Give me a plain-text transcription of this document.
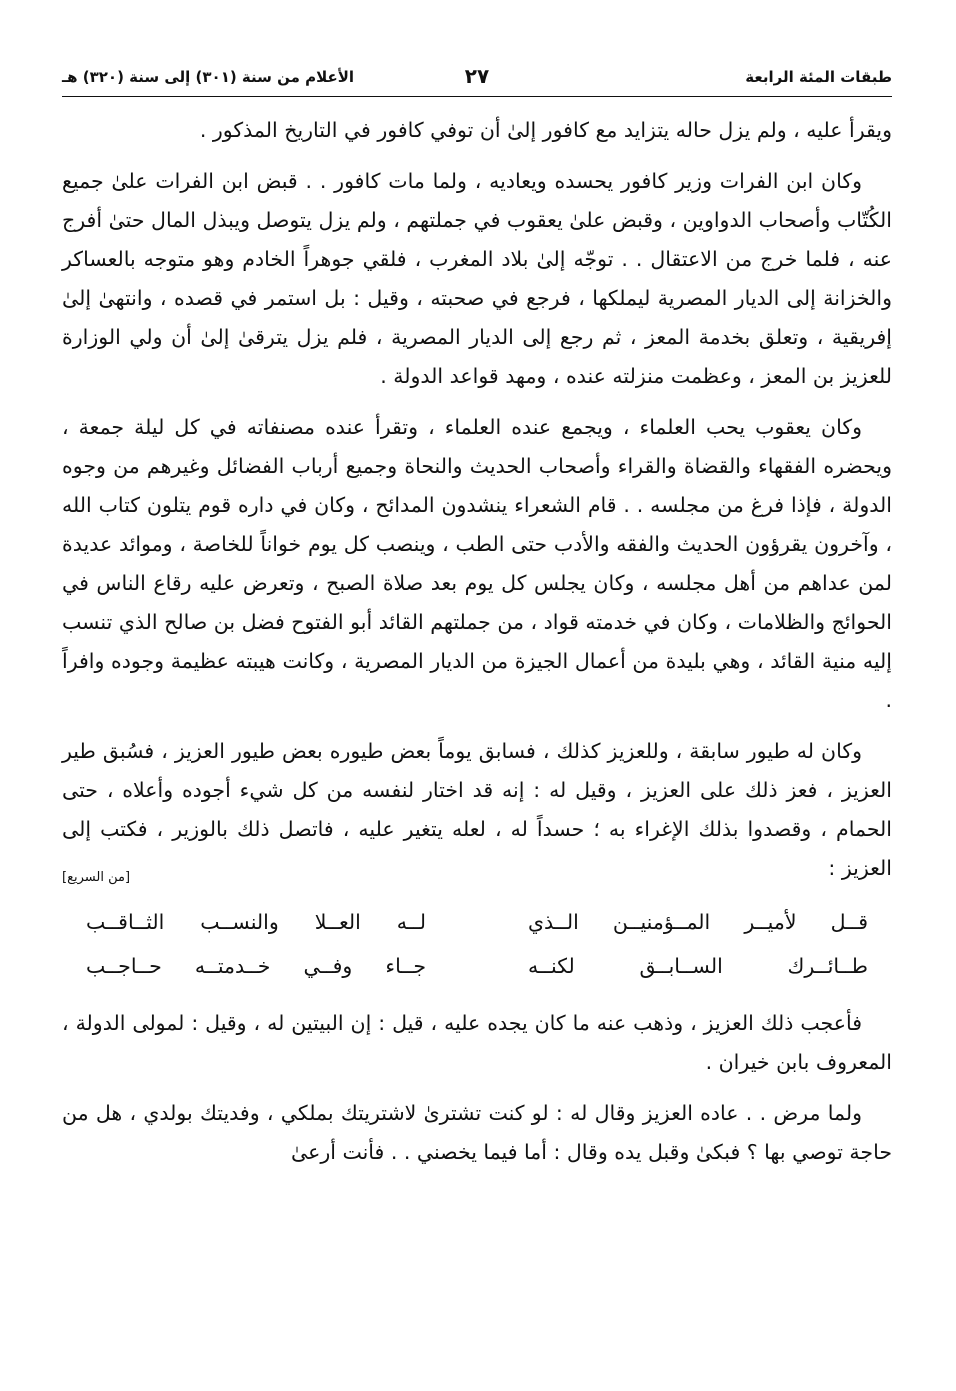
طبقات المئة الرابعة
٢٧
الأعلام من سنة (٣٠١) إلى سنة (٣٢٠) هـ

ويقرأ عليه ، ولم يزل حاله يتزايد مع كافور إلىٰ أن توفي كافور في التاريخ المذكور .

وكان ابن الفرات وزير كافور يحسده ويعاديه ، ولما مات كافور . . قبض ابن الفرات علىٰ جميع الكُتّاب وأصحاب الدواوين ، وقبض علىٰ يعقوب في جملتهم ، ولم يزل يتوصل ويبذل المال حتىٰ أفرج عنه ، فلما خرج من الاعتقال . . توجّه إلىٰ بلاد المغرب ، فلقي جوهراً الخادم وهو متوجه بالعساكر والخزانة إلى الديار المصرية ليملكها ، فرجع في صحبته ، وقيل : بل استمر في قصده ، وانتهىٰ إلىٰ إفريقية ، وتعلق بخدمة المعز ، ثم رجع إلى الديار المصرية ، فلم يزل يترقىٰ إلىٰ أن ولي الوزارة للعزيز بن المعز ، وعظمت منزلته عنده ، ومهد قواعد الدولة .

وكان يعقوب يحب العلماء ، ويجمع عنده العلماء ، وتقرأ عنده مصنفاته في كل ليلة جمعة ، ويحضره الفقهاء والقضاة والقراء وأصحاب الحديث والنحاة وجميع أرباب الفضائل وغيرهم من وجوه الدولة ، فإذا فرغ من مجلسه . . قام الشعراء ينشدون المدائح ، وكان في داره قوم يتلون كتاب الله ، وآخرون يقرؤون الحديث والفقه والأدب حتى الطب ، وينصب كل يوم خواناً للخاصة ، وموائد عديدة لمن عداهم من أهل مجلسه ، وكان يجلس كل يوم بعد صلاة الصبح ، وتعرض عليه رقاع الناس في الحوائج والظلامات ، وكان في خدمته قواد ، من جملتهم القائد أبو الفتوح فضل بن صالح الذي تنسب إليه منية القائد ، وهي بليدة من أعمال الجيزة من الديار المصرية ، وكانت هيبته عظيمة وجوده وافراً .

وكان له طيور سابقة ، وللعزيز كذلك ، فسابق يوماً بعض طيوره بعض طيور العزيز ، فسُبق طير العزيز ، فعز ذلك على العزيز ، وقيل له : إنه قد اختار لنفسه من كل شيء أجوده وأعلاه ، حتى الحمام ، وقصدوا بذلك الإغراء به ؛ حسداً له ، لعله يتغير عليه ، فاتصل ذلك بالوزير ، فكتب إلى العزيز :

[من السريع]
قــل لأميــر المــؤمنيــن الــذي
لــه العــلا والنســب الثــاقــب
طــائــرك الســابــق لكنــه
جــاء وفــي خــدمتــه حــاجــب

فأعجب ذلك العزيز ، وذهب عنه ما كان يجده عليه ، قيل : إن البيتين له ، وقيل : لمولى الدولة ، المعروف بابن خيران .

ولما مرض . . عاده العزيز وقال له : لو كنت تشترىٰ لاشتريتك بملكي ، وفديتك بولدي ، هل من حاجة توصي بها ؟ فبكىٰ وقبل يده وقال : أما فيما يخصني . . فأنت أرعىٰ
